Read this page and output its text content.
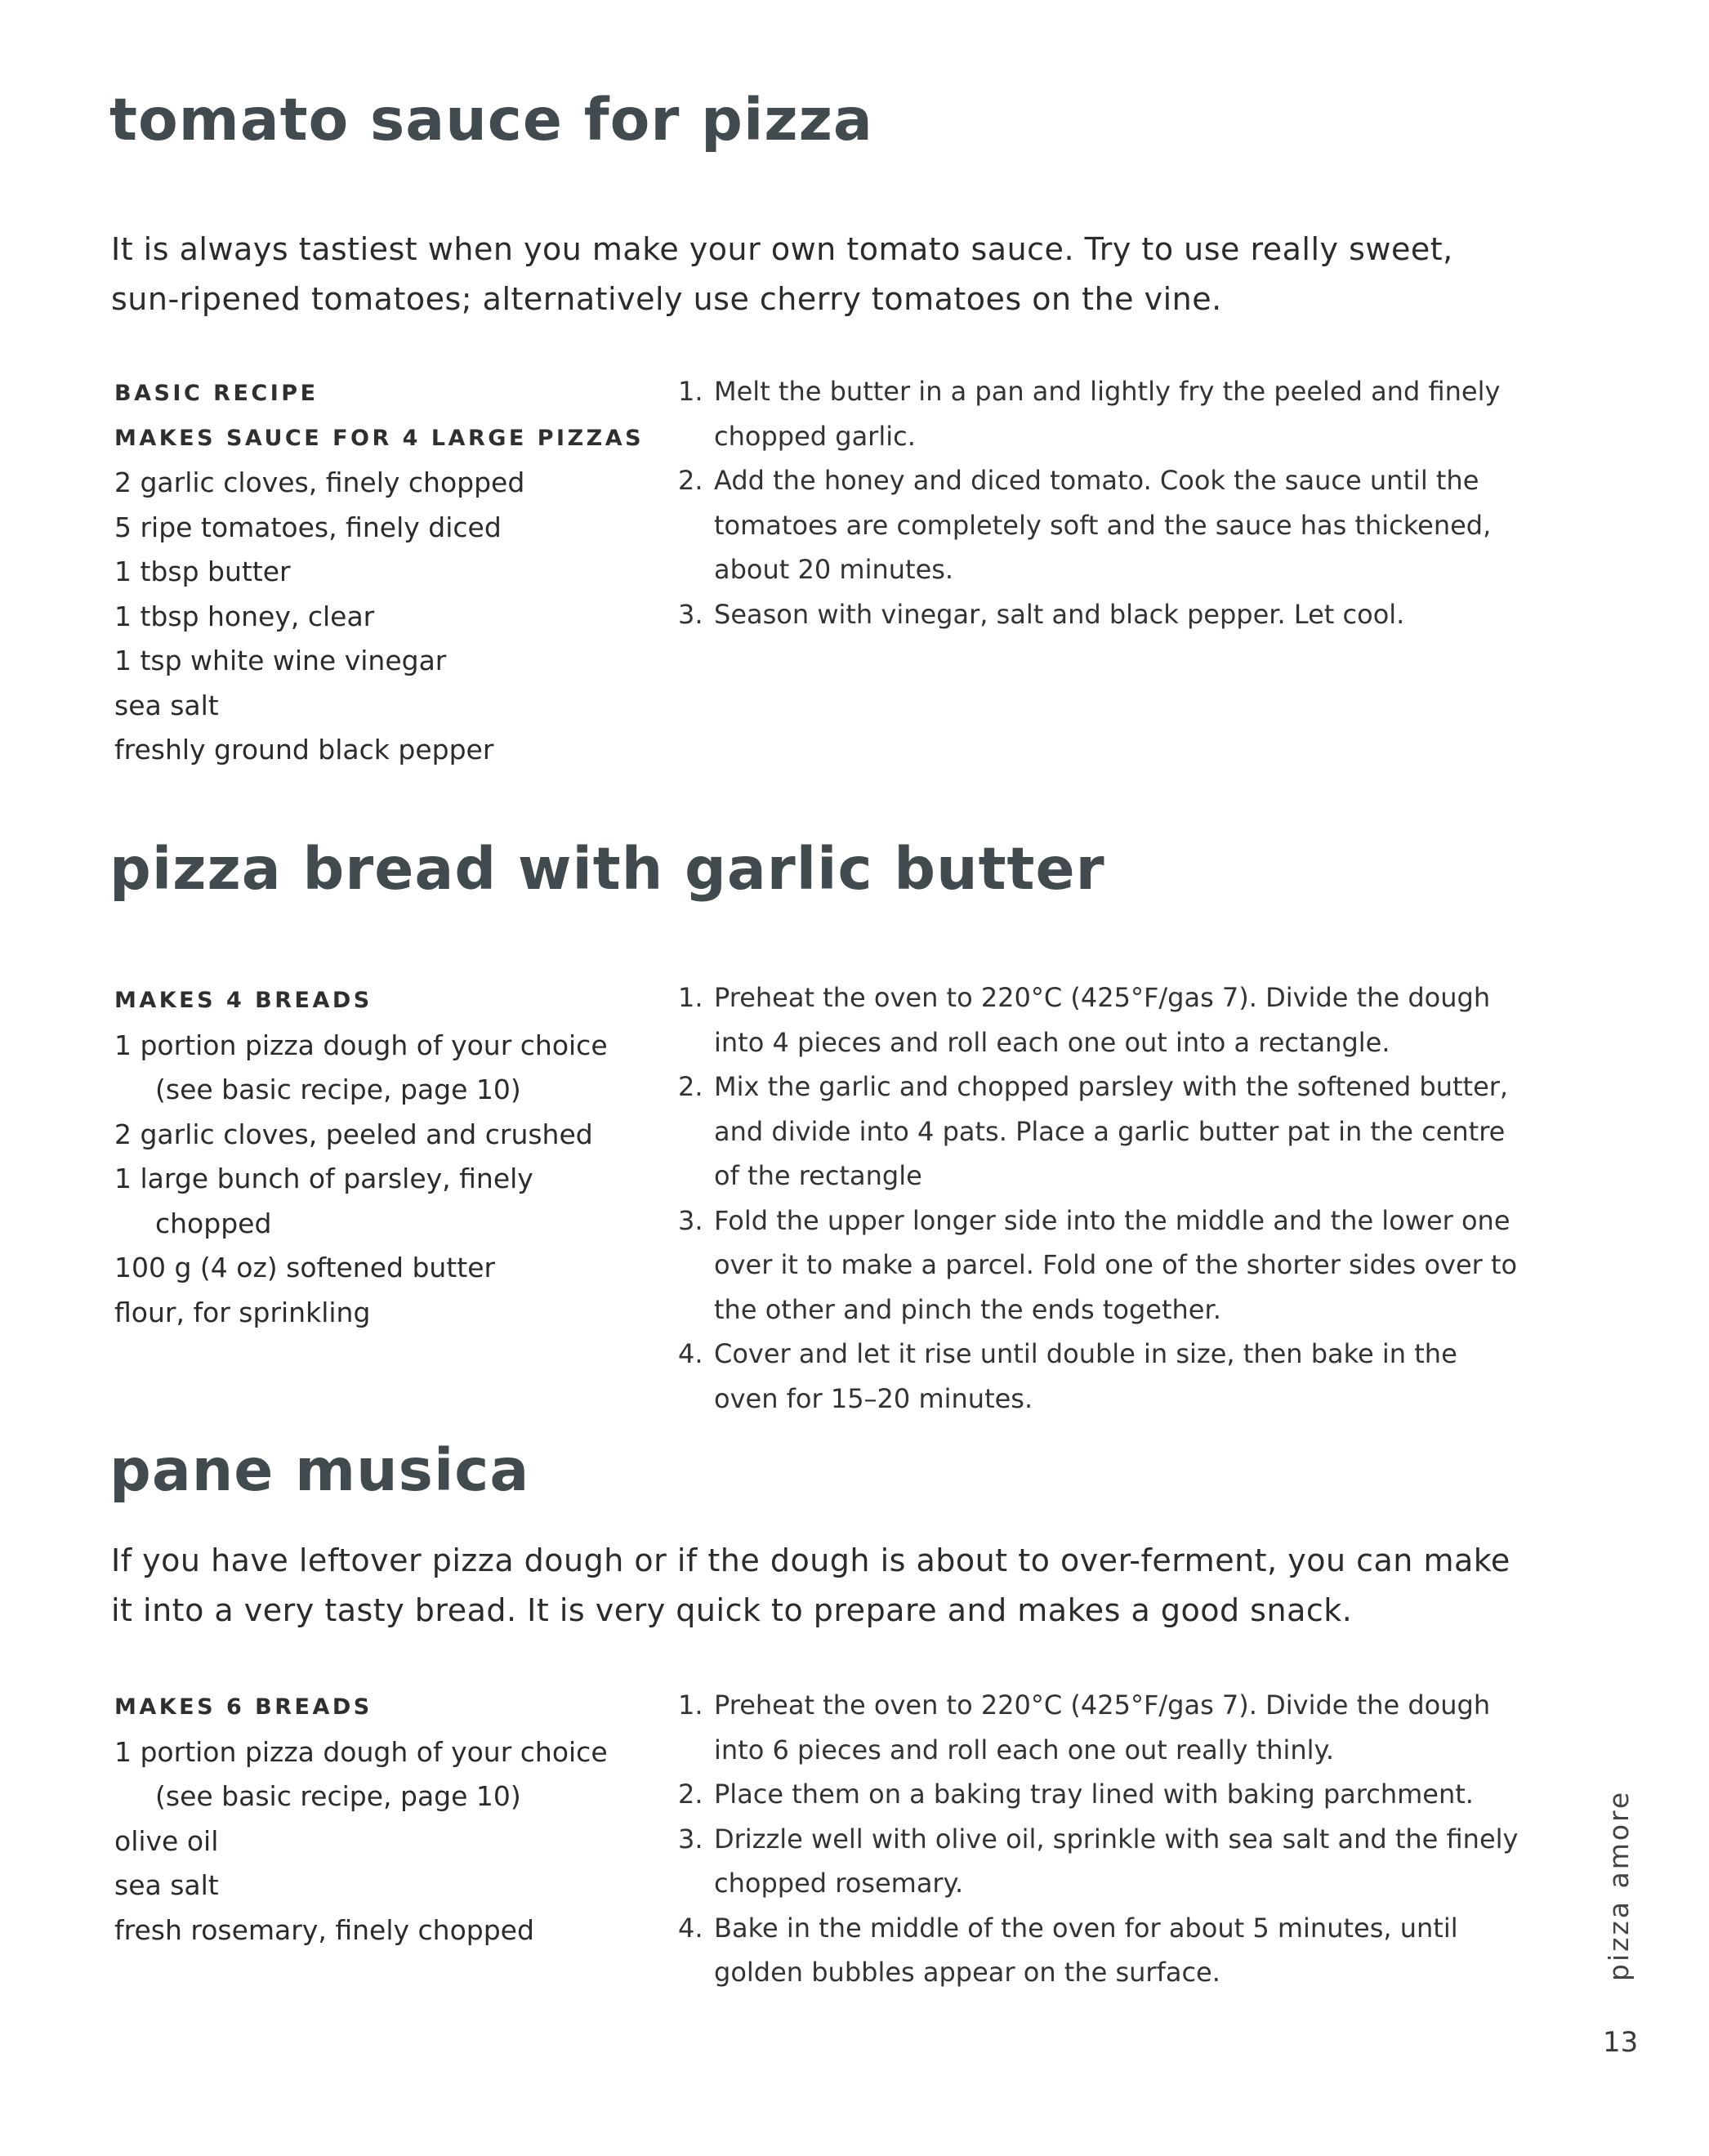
tomato sauce for pizza

It is always tastiest when you make your own tomato sauce. Try to use really sweet, sun-ripened tomatoes; alternatively use cherry tomatoes on the vine.

BASIC RECIPE
MAKES SAUCE FOR 4 LARGE PIZZAS
2 garlic cloves, finely chopped
5 ripe tomatoes, finely diced
1 tbsp butter
1 tbsp honey, clear
1 tsp white wine vinegar
sea salt
freshly ground black pepper
1. Melt the butter in a pan and lightly fry the peeled and finely chopped garlic.
2. Add the honey and diced tomato. Cook the sauce until the tomatoes are completely soft and the sauce has thickened, about 20 minutes.
3. Season with vinegar, salt and black pepper. Let cool.
pizza bread with garlic butter
MAKES 4 BREADS
1 portion pizza dough of your choice
(see basic recipe, page 10)
2 garlic cloves, peeled and crushed
1 large bunch of parsley, finely
chopped
100 g (4 oz) softened butter
flour, for sprinkling
1. Preheat the oven to 220°C (425°F/gas 7). Divide the dough into 4 pieces and roll each one out into a rectangle.
2. Mix the garlic and chopped parsley with the softened butter, and divide into 4 pats. Place a garlic butter pat in the centre of the rectangle
3. Fold the upper longer side into the middle and the lower one over it to make a parcel. Fold one of the shorter sides over to the other and pinch the ends together.
4. Cover and let it rise until double in size, then bake in the oven for 15–20 minutes.
pane musica

If you have leftover pizza dough or if the dough is about to over-ferment, you can make it into a very tasty bread. It is very quick to prepare and makes a good snack.

MAKES 6 BREADS
1 portion pizza dough of your choice
(see basic recipe, page 10)
olive oil
sea salt
fresh rosemary, finely chopped
1. Preheat the oven to 220°C (425°F/gas 7). Divide the dough into 6 pieces and roll each one out really thinly.
2. Place them on a baking tray lined with baking parchment.
3. Drizzle well with olive oil, sprinkle with sea salt and the finely chopped rosemary.
4. Bake in the middle of the oven for about 5 minutes, until golden bubbles appear on the surface.	pizza amore
13
